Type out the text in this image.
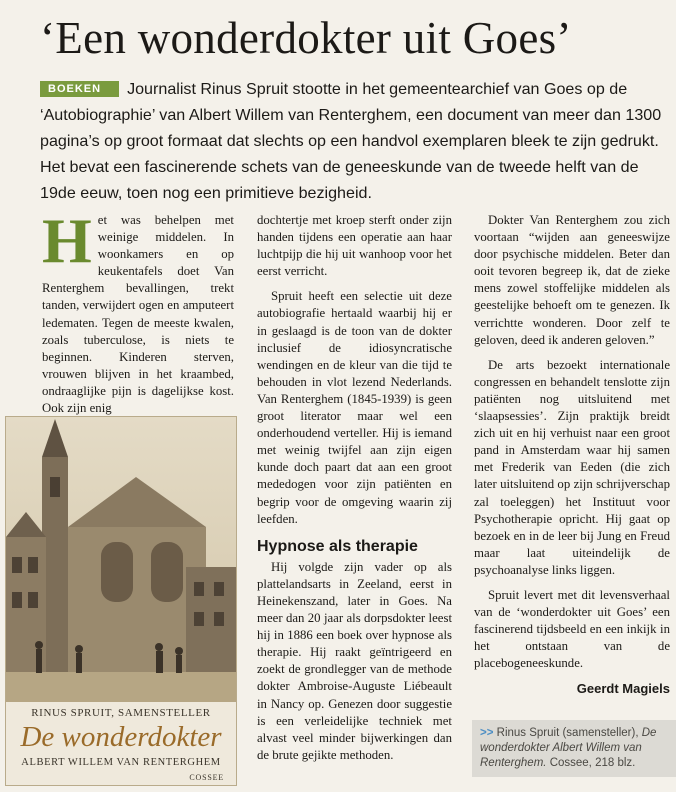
‘Een wonderdokter uit Goes’
BOEKEN Journalist Rinus Spruit stootte in het gemeentearchief van Goes op de ‘Autobiographie’ van Albert Willem van Renterghem, een document van meer dan 1300 pagina’s op groot formaat dat slechts op een handvol exemplaren bleek te zijn gedrukt. Het bevat een fascinerende schets van de geneeskunde van de tweede helft van de 19de eeuw, toen nog een primitieve bezigheid.

Het was behelpen met weinige middelen. In woonkamers en op keukentafels doet Van Renterghem bevallingen, trekt tanden, verwijdert ogen en amputeert ledematen. Tegen de meeste kwalen, zoals tuberculose, is niets te beginnen. Kinderen sterven, vrouwen blijven in het kraambed, ondraaglijke pijn is dagelijkse kost. Ook zijn enig

dochtertje met kroep sterft onder zijn handen tijdens een operatie aan haar luchtpijp die hij uit wanhoop voor het eerst verricht.

Spruit heeft een selectie uit deze autobiografie hertaald waarbij hij er in geslaagd is de toon van de dokter inclusief de idiosyncratische wendingen en de kleur van die tijd te behouden in vlot lezend Nederlands. Van Renterghem (1845-1939) is geen groot literator maar wel een onderhoudend verteller. Hij is iemand met weinig twijfel aan zijn eigen kunde doch paart dat aan een groot mededogen voor zijn patiënten en begrip voor de omgeving waarin zij leefden.

Hypnose als therapie

Hij volgde zijn vader op als plattelandsarts in Zeeland, eerst in Heinekenszand, later in Goes. Na meer dan 20 jaar als dorpsdokter leest hij in 1886 een boek over hypnose als therapie. Hij raakt geïntrigeerd en zoekt de grondlegger van de methode dokter Ambroise-Auguste Liébeault in Nancy op. Genezen door suggestie is een verleidelijke techniek met alvast veel minder bijwerkingen dan de brute gejikte methoden.

Dokter Van Renterghem zou zich voortaan “wijden aan geneeswijze door psychische middelen. Beter dan ooit tevoren begreep ik, dat de zieke mens zowel stoffelijke middelen als geestelijke behoeft om te genezen. Ik verrichtte wonderen. Door zelf te geloven, deed ik anderen geloven.”

De arts bezoekt internationale congressen en behandelt tenslotte zijn patiënten nog uitsluitend met ‘slaapsessies’. Zijn praktijk breidt zich uit en hij verhuist naar een groot pand in Amsterdam waar hij samen met Frederik van Eeden (die zich later uitsluitend op zijn schrijverschap zal toeleggen) het Instituut voor Psychotherapie opricht. Hij gaat op bezoek en in de leer bij Jung en Freud maar laat uiteindelijk de psychoanalyse links liggen.

Spruit levert met dit levensverhaal van de ‘wonderdokter uit Goes’ een fascinerend tijdsbeeld en een inkijk in het ontstaan van de placebogeneeskunde.

Geerdt Magiels
RINUS SPRUIT, SAMENSTELLER
De wonderdokter
ALBERT WILLEM VAN RENTERGHEM
COSSEE
>> Rinus Spruit (samensteller), De wonderdokter Albert Willem van Renterghem. Cossee, 218 blz.
